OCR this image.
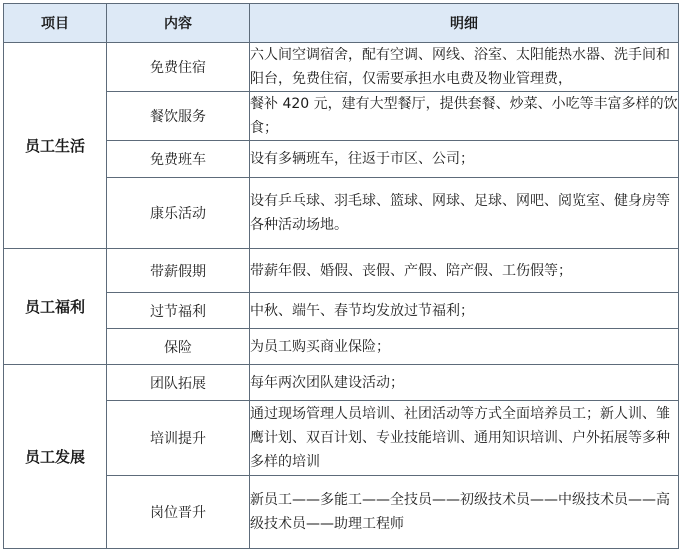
项目	内容	明细
员工生活	免费住宿	六人间空调宿舍，配有空调、网线、浴室、太阳能热水器、洗手间和阳台，免费住宿，仅需要承担水电费及物业管理费，
	餐饮服务	餐补 420 元，建有大型餐厅，提供套餐、炒菜、小吃等丰富多样的饮食；
	免费班车	设有多辆班车，往返于市区、公司；
	康乐活动	设有乒乓球、羽毛球、篮球、网球、足球、网吧、阅览室、健身房等各种活动场地。
员工福利	带薪假期	带薪年假、婚假、丧假、产假、陪产假、工伤假等；
	过节福利	中秋、端午、春节均发放过节福利；
	保险	为员工购买商业保险；
员工发展	团队拓展	每年两次团队建设活动；
	培训提升	通过现场管理人员培训、社团活动等方式全面培养员工；新人训、雏鹰计划、双百计划、专业技能培训、通用知识培训、户外拓展等多种多样的培训
	岗位晋升	新员工——多能工——全技员——初级技术员——中级技术员——高级技术员——助理工程师
